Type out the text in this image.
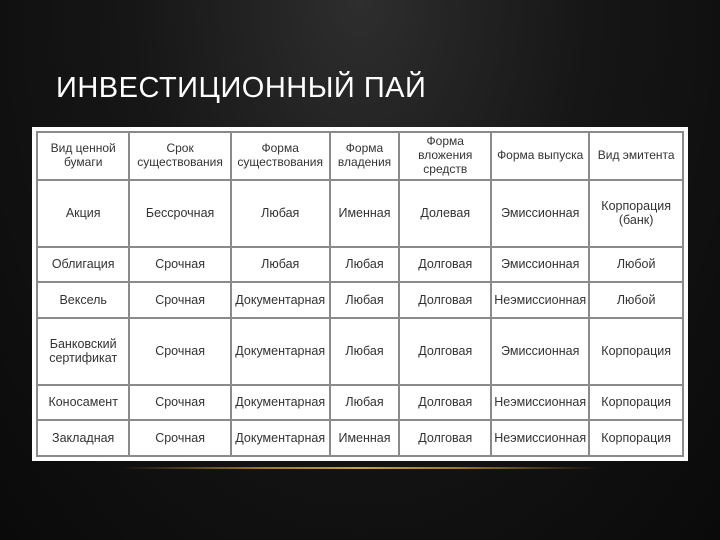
ИНВЕСТИЦИОННЫЙ ПАЙ
Вид ценной бумаги	Срок существования	Форма существования	Форма владения	Форма вложения средств	Форма выпуска	Вид эмитента
Акция	Бессрочная	Любая	Именная	Долевая	Эмиссионная	Корпорация (банк)
Облигация	Срочная	Любая	Любая	Долговая	Эмиссионная	Любой
Вексель	Срочная	Документарная	Любая	Долговая	Неэмиссионная	Любой
Банковский сертификат	Срочная	Документарная	Любая	Долговая	Эмиссионная	Корпорация
Коносамент	Срочная	Документарная	Любая	Долговая	Неэмиссионная	Корпорация
Закладная	Срочная	Документарная	Именная	Долговая	Неэмиссионная	Корпорация
